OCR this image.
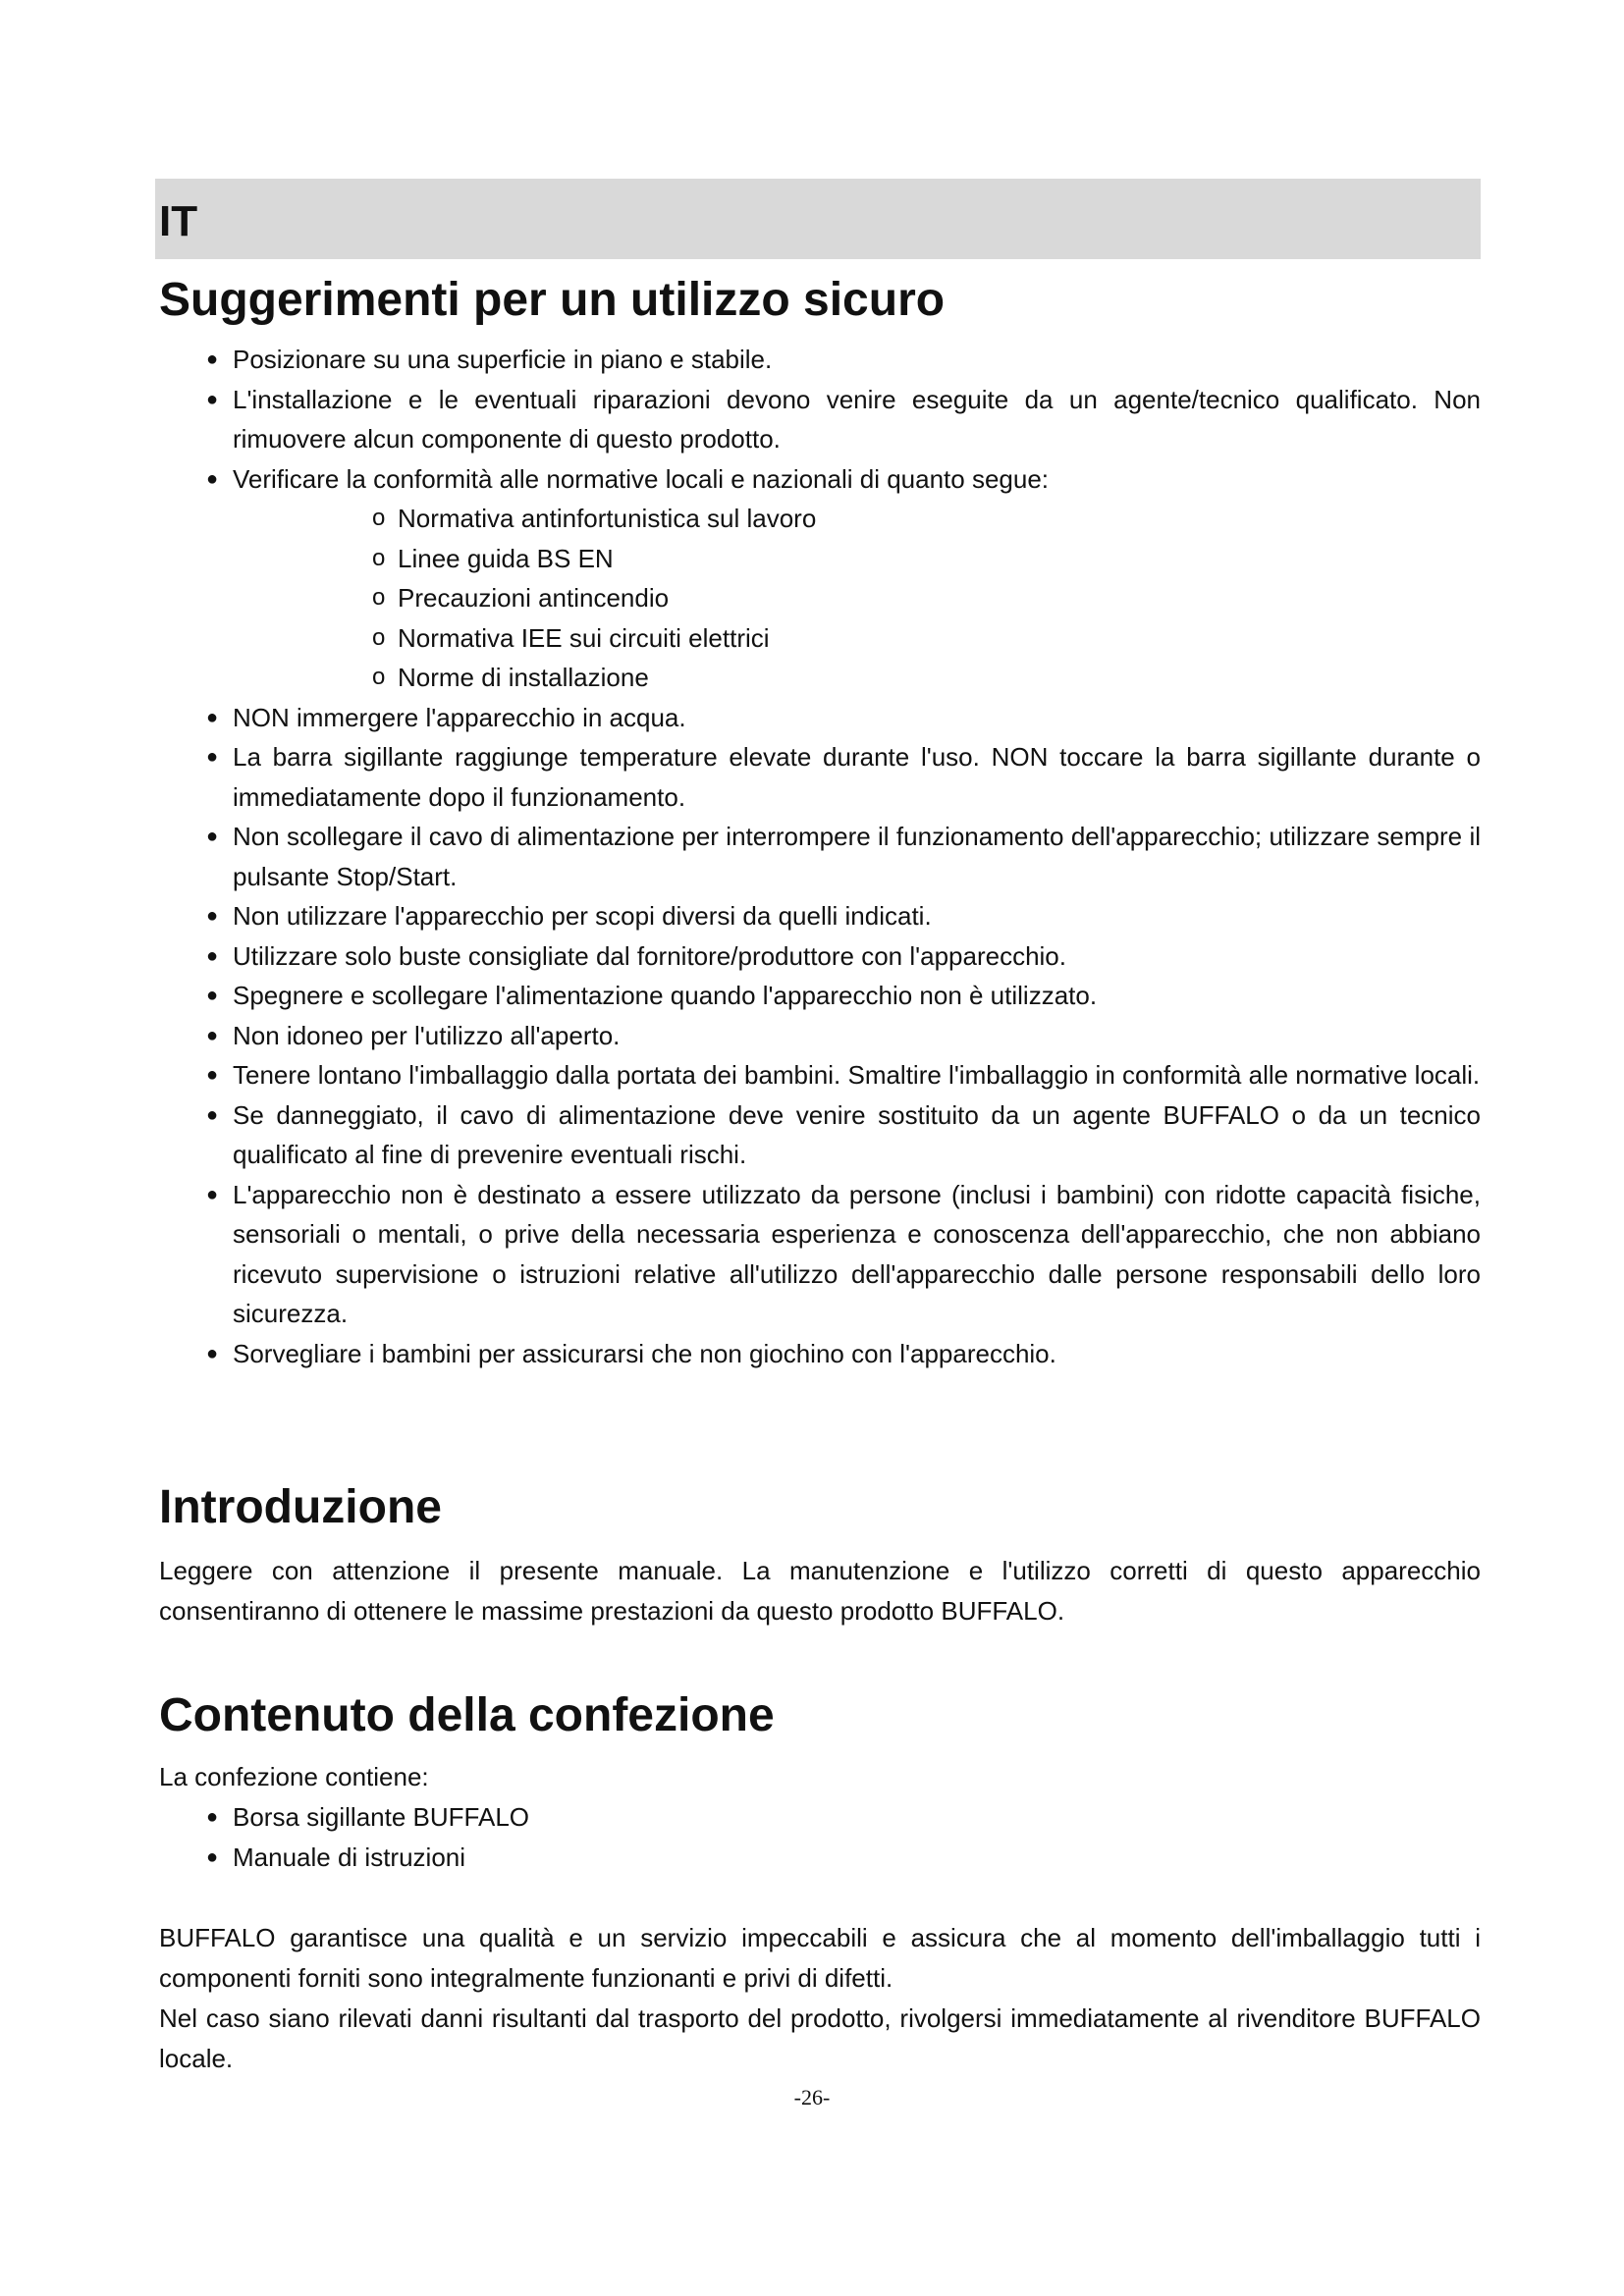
IT
Suggerimenti per un utilizzo sicuro
● Posizionare su una superficie in piano e stabile.
● L'installazione e le eventuali riparazioni devono venire eseguite da un agente/tecnico qualificato. Non rimuovere alcun componente di questo prodotto.
● Verificare la conformità alle normative locali e nazionali di quanto segue:
o Normativa antinfortunistica sul lavoro
o Linee guida BS EN
o Precauzioni antincendio
o Normativa IEE sui circuiti elettrici
o Norme di installazione
● NON immergere l'apparecchio in acqua.
● La barra sigillante raggiunge temperature elevate durante l'uso. NON toccare la barra sigillante durante o immediatamente dopo il funzionamento.
● Non scollegare il cavo di alimentazione per interrompere il funzionamento dell'apparecchio; utilizzare sempre il pulsante Stop/Start.
● Non utilizzare l'apparecchio per scopi diversi da quelli indicati.
● Utilizzare solo buste consigliate dal fornitore/produttore con l'apparecchio.
● Spegnere e scollegare l'alimentazione quando l'apparecchio non è utilizzato.
● Non idoneo per l'utilizzo all'aperto.
● Tenere lontano l'imballaggio dalla portata dei bambini. Smaltire l'imballaggio in conformità alle normative locali.
● Se danneggiato, il cavo di alimentazione deve venire sostituito da un agente BUFFALO o da un tecnico qualificato al fine di prevenire eventuali rischi.
● L'apparecchio non è destinato a essere utilizzato da persone (inclusi i bambini) con ridotte capacità fisiche, sensoriali o mentali, o prive della necessaria esperienza e conoscenza dell'apparecchio, che non abbiano ricevuto supervisione o istruzioni relative all'utilizzo dell'apparecchio dalle persone responsabili dello loro sicurezza.
● Sorvegliare i bambini per assicurarsi che non giochino con l'apparecchio.
Introduzione

Leggere con attenzione il presente manuale. La manutenzione e l'utilizzo corretti di questo apparecchio consentiranno di ottenere le massime prestazioni da questo prodotto BUFFALO.

Contenuto della confezione

La confezione contiene:

● Borsa sigillante BUFFALO
● Manuale di istruzioni

BUFFALO garantisce una qualità e un servizio impeccabili e assicura che al momento dell'imballaggio tutti i componenti forniti sono integralmente funzionanti e privi di difetti.

Nel caso siano rilevati danni risultanti dal trasporto del prodotto, rivolgersi immediatamente al rivenditore BUFFALO locale.

-26-
